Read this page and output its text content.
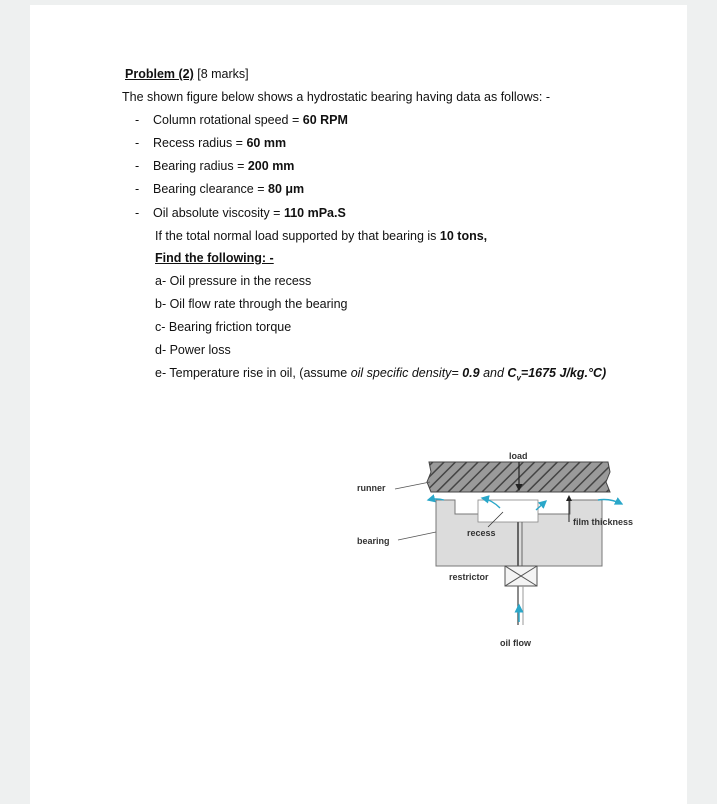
Problem (2) [8 marks]
The shown figure below shows a hydrostatic bearing having data as follows: -
- Column rotational speed = 60 RPM
- Recess radius = 60 mm
- Bearing radius = 200 mm
- Bearing clearance = 80 μm
- Oil absolute viscosity = 110 mPa.S
If the total normal load supported by that bearing is 10 tons,
Find the following: -
a- Oil pressure in the recess
b- Oil flow rate through the bearing
c- Bearing friction torque
d- Power loss
e- Temperature rise in oil, (assume oil specific density= 0.9 and $C_v=1675$ J/kg.°C)
load
runner
bearing
recess
film thickness
restrictor
oil flow
